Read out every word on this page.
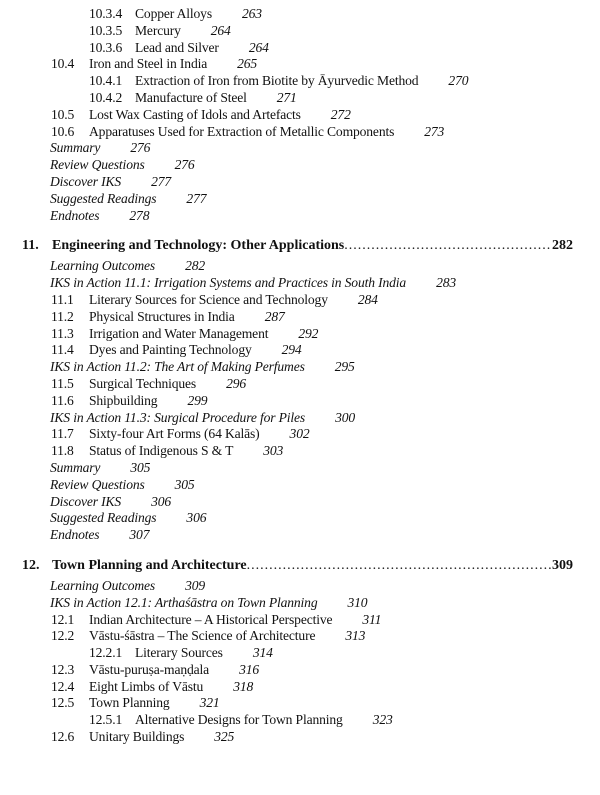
10.3.4 Copper Alloys 263
10.3.5 Mercury 264
10.3.6 Lead and Silver 264
10.4 Iron and Steel in India 265
10.4.1 Extraction of Iron from Biotite by Āyurvedic Method 270
10.4.2 Manufacture of Steel 271
10.5 Lost Wax Casting of Idols and Artefacts 272
10.6 Apparatuses Used for Extraction of Metallic Components 273
Summary 276
Review Questions 276
Discover IKS 277
Suggested Readings 277
Endnotes 278
11. Engineering and Technology: Other Applications .....	282
Learning Outcomes 282
IKS in Action 11.1: Irrigation Systems and Practices in South India 283
11.1 Literary Sources for Science and Technology 284
11.2 Physical Structures in India 287
11.3 Irrigation and Water Management 292
11.4 Dyes and Painting Technology 294
IKS in Action 11.2: The Art of Making Perfumes 295
11.5 Surgical Techniques 296
11.6 Shipbuilding 299
IKS in Action 11.3: Surgical Procedure for Piles 300
11.7 Sixty-four Art Forms (64 Kalās) 302
11.8 Status of Indigenous S & T 303
Summary 305
Review Questions 305
Discover IKS 306
Suggested Readings 306
Endnotes 307
12. Town Planning and Architecture .....	309
Learning Outcomes 309
IKS in Action 12.1: Arthaśāstra on Town Planning 310
12.1 Indian Architecture – A Historical Perspective 311
12.2 Vāstu-śāstra – The Science of Architecture 313
12.2.1 Literary Sources 314
12.3 Vāstu-puruṣa-maṇḍala 316
12.4 Eight Limbs of Vāstu 318
12.5 Town Planning 321
12.5.1 Alternative Designs for Town Planning 323
12.6 Unitary Buildings 325
